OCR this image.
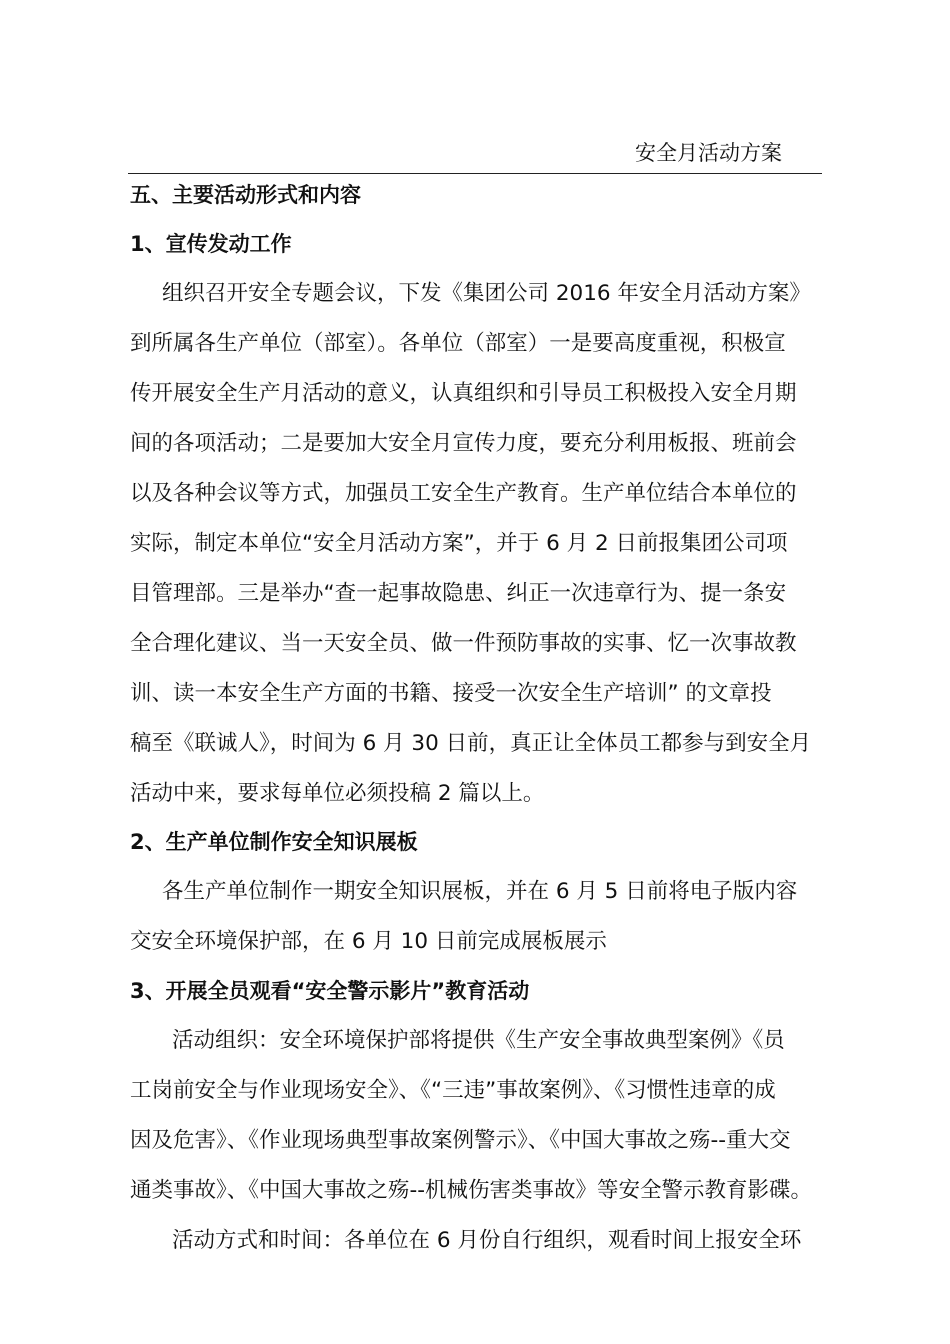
安全月活动方案
五、主要活动形式和内容
1、宣传发动工作
组织召开安全专题会议，下发《集团公司 2016 年安全月活动方案》
到所属各生产单位（部室）。各单位（部室）一是要高度重视，积极宣
传开展安全生产月活动的意义，认真组织和引导员工积极投入安全月期
间的各项活动；二是要加大安全月宣传力度，要充分利用板报、班前会
以及各种会议等方式，加强员工安全生产教育。生产单位结合本单位的
实际，制定本单位“安全月活动方案”，并于 6 月 2 日前报集团公司项
目管理部。三是举办“查一起事故隐患、纠正一次违章行为、提一条安
全合理化建议、当一天安全员、做一件预防事故的实事、忆一次事故教
训、读一本安全生产方面的书籍、接受一次安全生产培训” 的文章投
稿至《联诚人》，时间为 6 月 30 日前，真正让全体员工都参与到安全月
活动中来，要求每单位必须投稿 2 篇以上。
2、生产单位制作安全知识展板
各生产单位制作一期安全知识展板，并在 6 月 5 日前将电子版内容
交安全环境保护部，在 6 月 10 日前完成展板展示
3、开展全员观看“安全警示影片”教育活动
活动组织：安全环境保护部将提供《生产安全事故典型案例》《员
工岗前安全与作业现场安全》、《“三违”事故案例》、《习惯性违章的成
因及危害》、《作业现场典型事故案例警示》、《中国大事故之殇--重大交
通类事故》、《中国大事故之殇--机械伤害类事故》等安全警示教育影碟。
活动方式和时间：各单位在 6 月份自行组织，观看时间上报安全环
